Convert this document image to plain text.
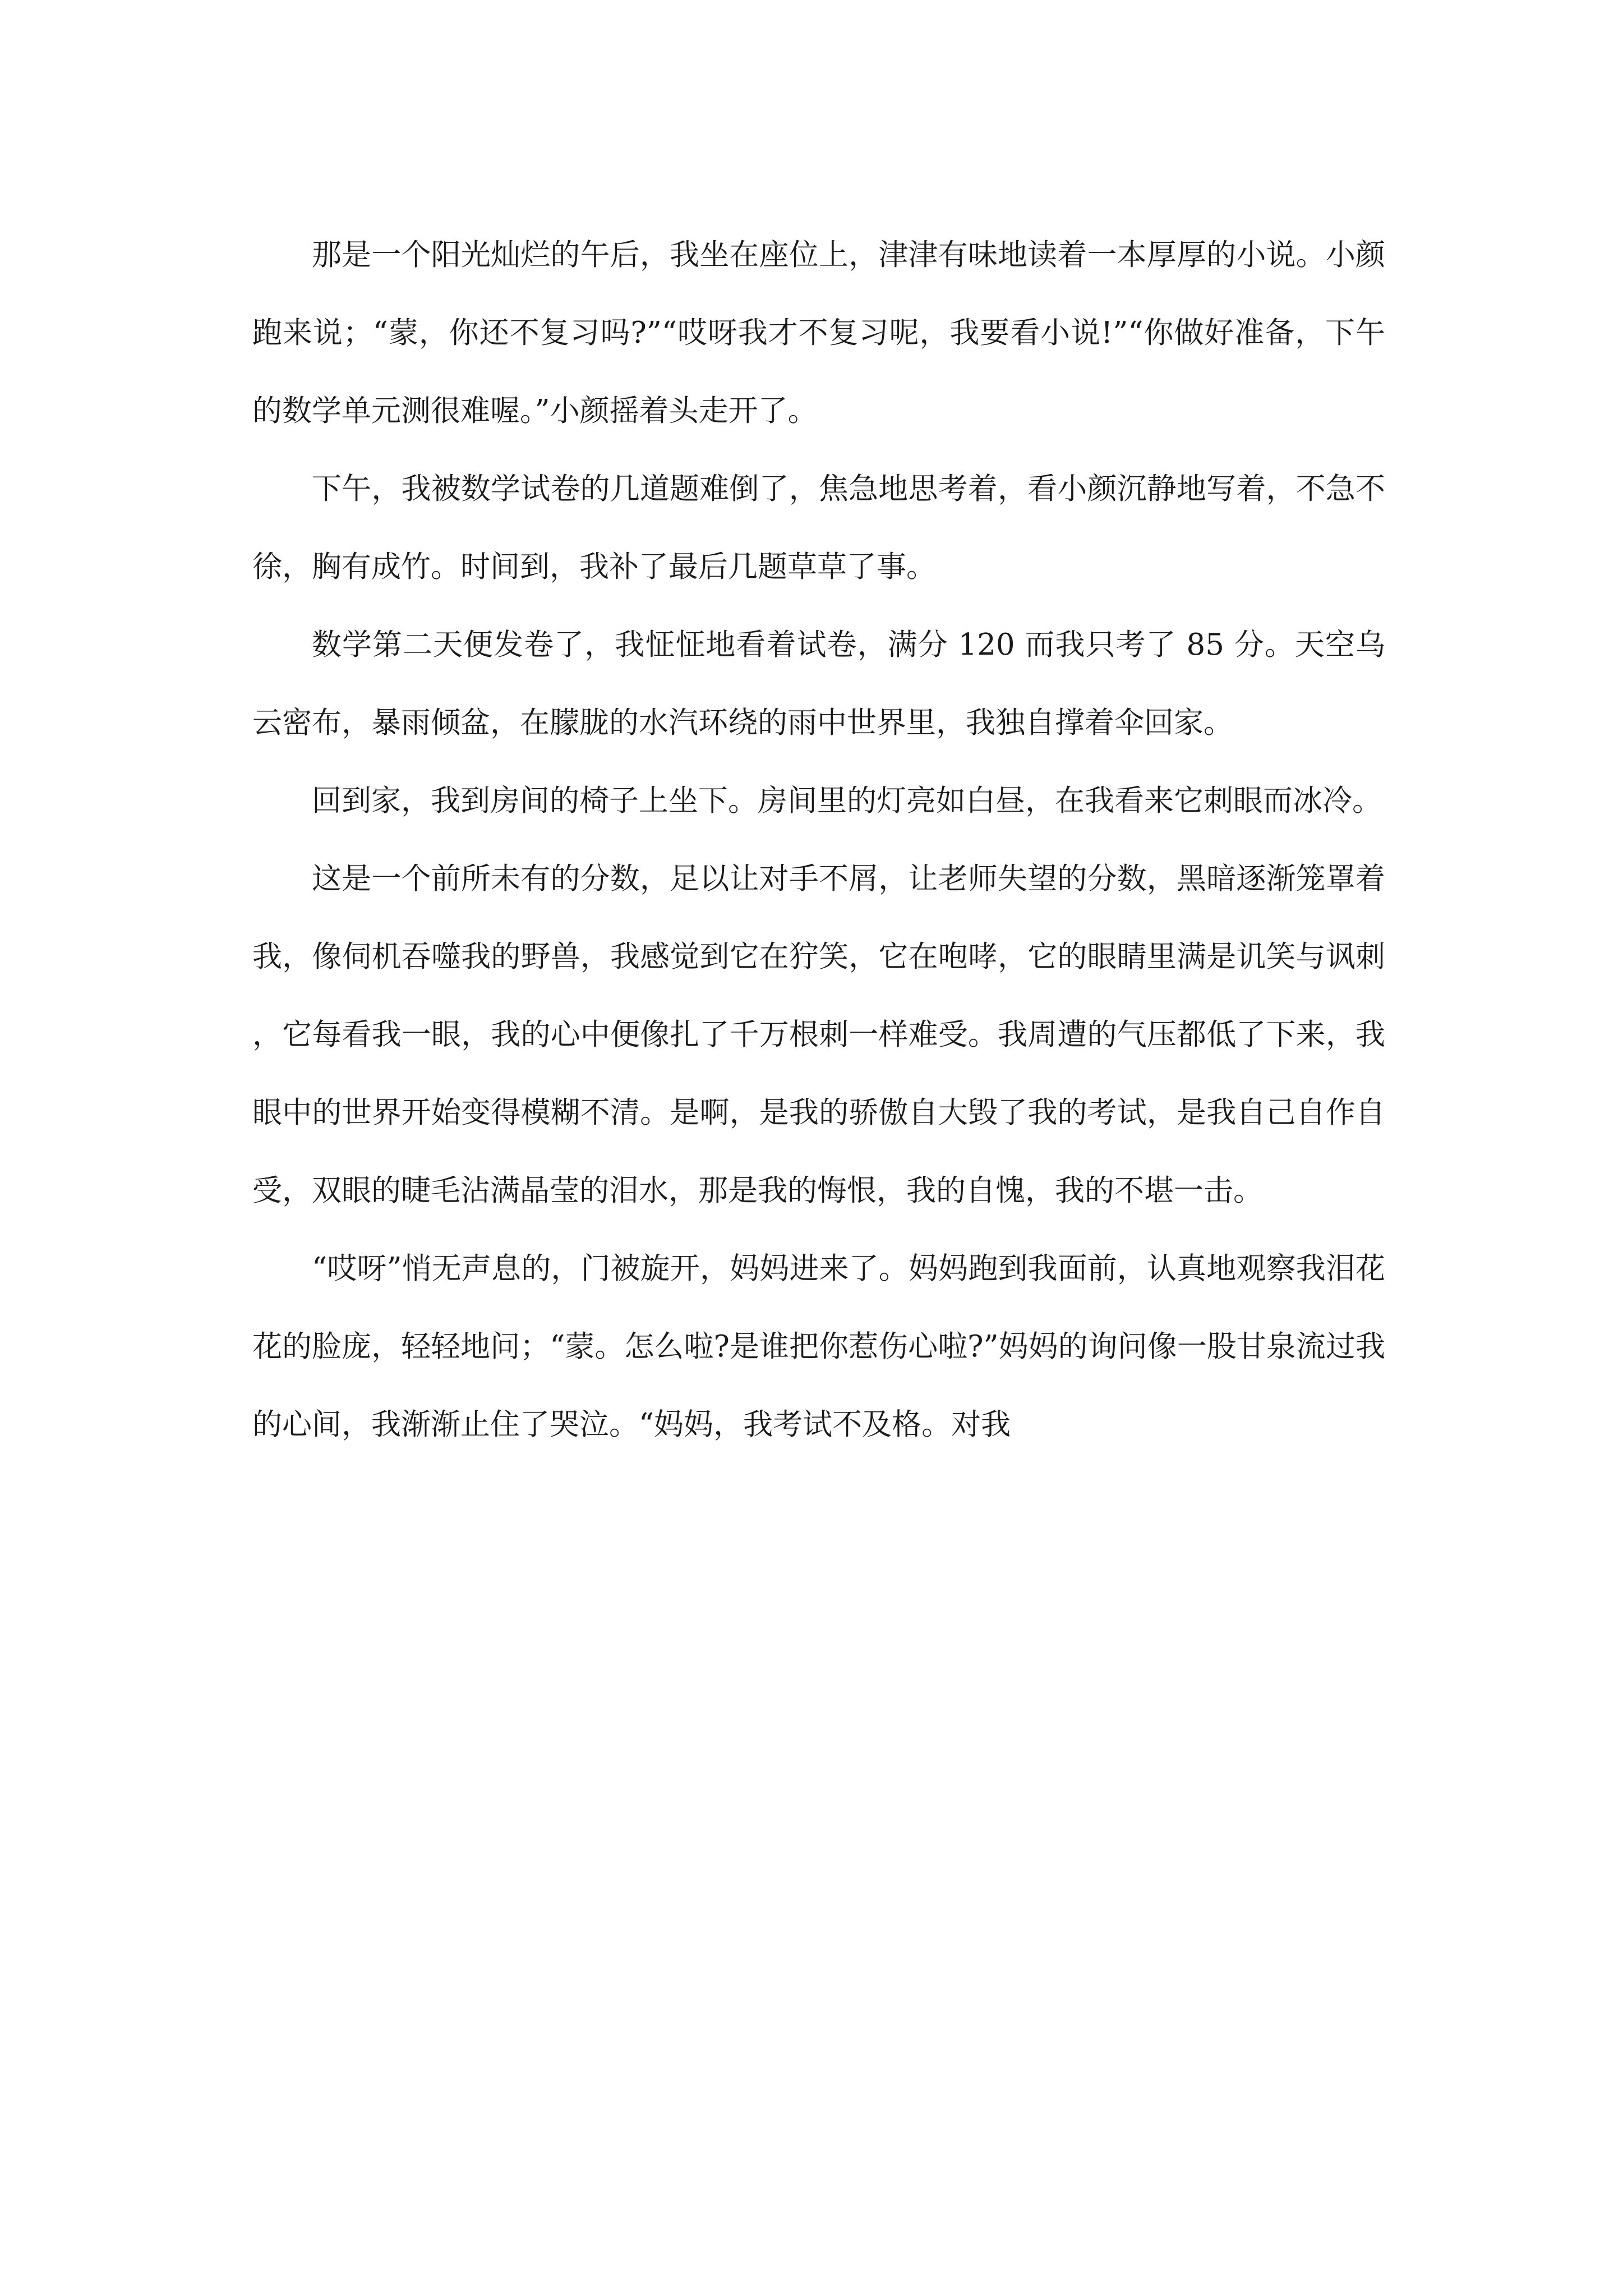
那是一个阳光灿烂的午后，我坐在座位上，津津有味地读着一本厚厚的小说。小颜跑来说；“蒙，你还不复习吗?”“哎呀我才不复习呢，我要看小说!”“你做好准备，下午的数学单元测很难喔。”小颜摇着头走开了。

下午，我被数学试卷的几道题难倒了，焦急地思考着，看小颜沉静地写着，不急不徐，胸有成竹。时间到，我补了最后几题草草了事。

数学第二天便发卷了，我怔怔地看着试卷，满分 120 而我只考了 85 分。天空乌云密布，暴雨倾盆，在朦胧的水汽环绕的雨中世界里，我独自撑着伞回家。

回到家，我到房间的椅子上坐下。房间里的灯亮如白昼，在我看来它刺眼而冰冷。

这是一个前所未有的分数，足以让对手不屑，让老师失望的分数，黑暗逐渐笼罩着我，像伺机吞噬我的野兽，我感觉到它在狞笑，它在咆哮，它的眼睛里满是讥笑与讽刺，它每看我一眼，我的心中便像扎了千万根刺一样难受。我周遭的气压都低了下来，我眼中的世界开始变得模糊不清。是啊，是我的骄傲自大毁了我的考试，是我自己自作自受，双眼的睫毛沾满晶莹的泪水，那是我的悔恨，我的自愧，我的不堪一击。

“哎呀”悄无声息的，门被旋开，妈妈进来了。妈妈跑到我面前，认真地观察我泪花花的脸庞，轻轻地问；“蒙。怎么啦?是谁把你惹伤心啦?”妈妈的询问像一股甘泉流过我的心间，我渐渐止住了哭泣。“妈妈，我考试不及格。对我
